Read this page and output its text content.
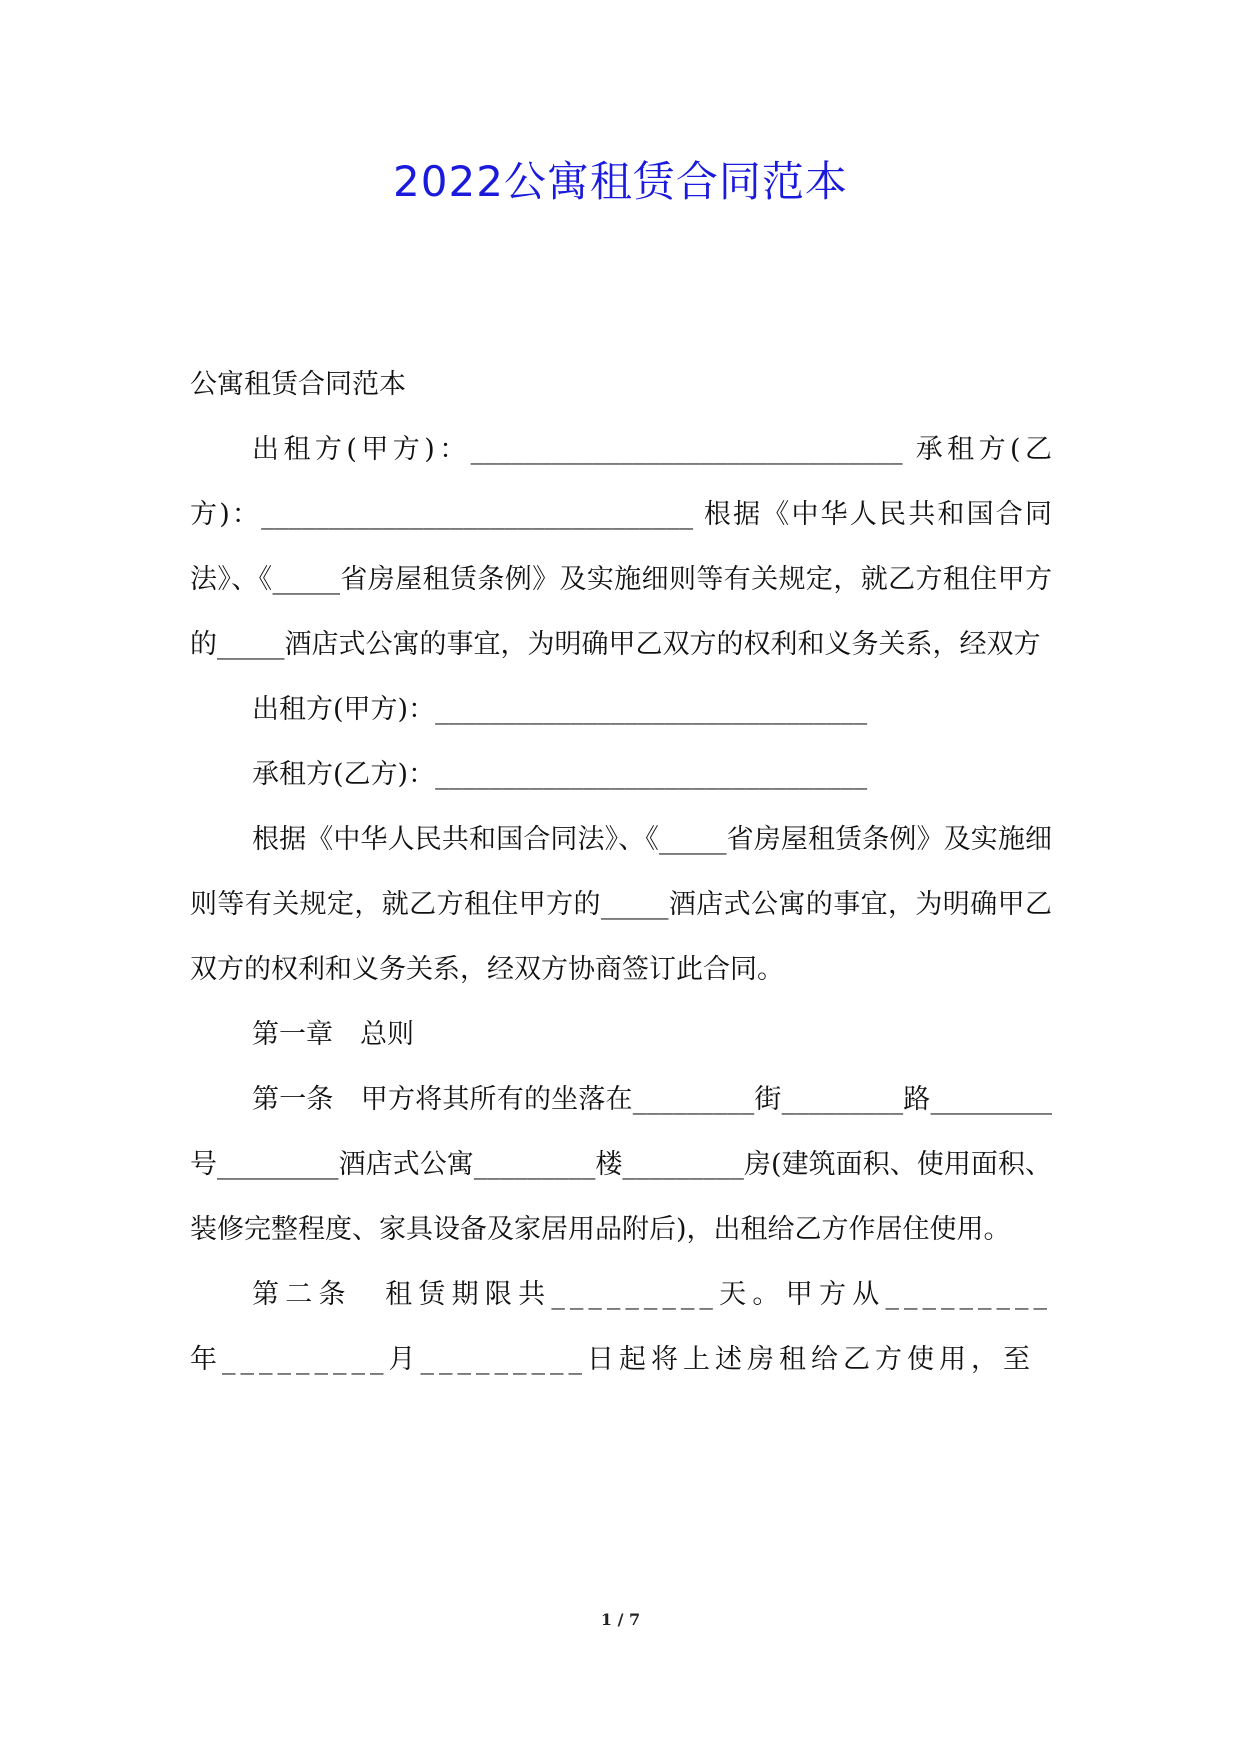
2022公寓租赁合同范本

公寓租赁合同范本

出租方(甲方)：________________________________ 承租方(乙方)：________________________________ 根据《中华人民共和国合同法》、《_____省房屋租赁条例》及实施细则等有关规定，就乙方租住甲方的_____酒店式公寓的事宜，为明确甲乙双方的权利和义务关系，经双方

出租方(甲方)：________________________________

承租方(乙方)：________________________________

根据《中华人民共和国合同法》、《_____省房屋租赁条例》及实施细则等有关规定，就乙方租住甲方的_____酒店式公寓的事宜，为明确甲乙双方的权利和义务关系，经双方协商签订此合同。

第一章　总则

第一条　甲方将其所有的坐落在_________街_________路_________号_________酒店式公寓_________楼_________房(建筑面积、使用面积、装修完整程度、家具设备及家居用品附后)，出租给乙方作居住使用。

第二条　租赁期限共_________天。甲方从_________年_________月_________日起将上述房租给乙方使用，至

1 / 7
